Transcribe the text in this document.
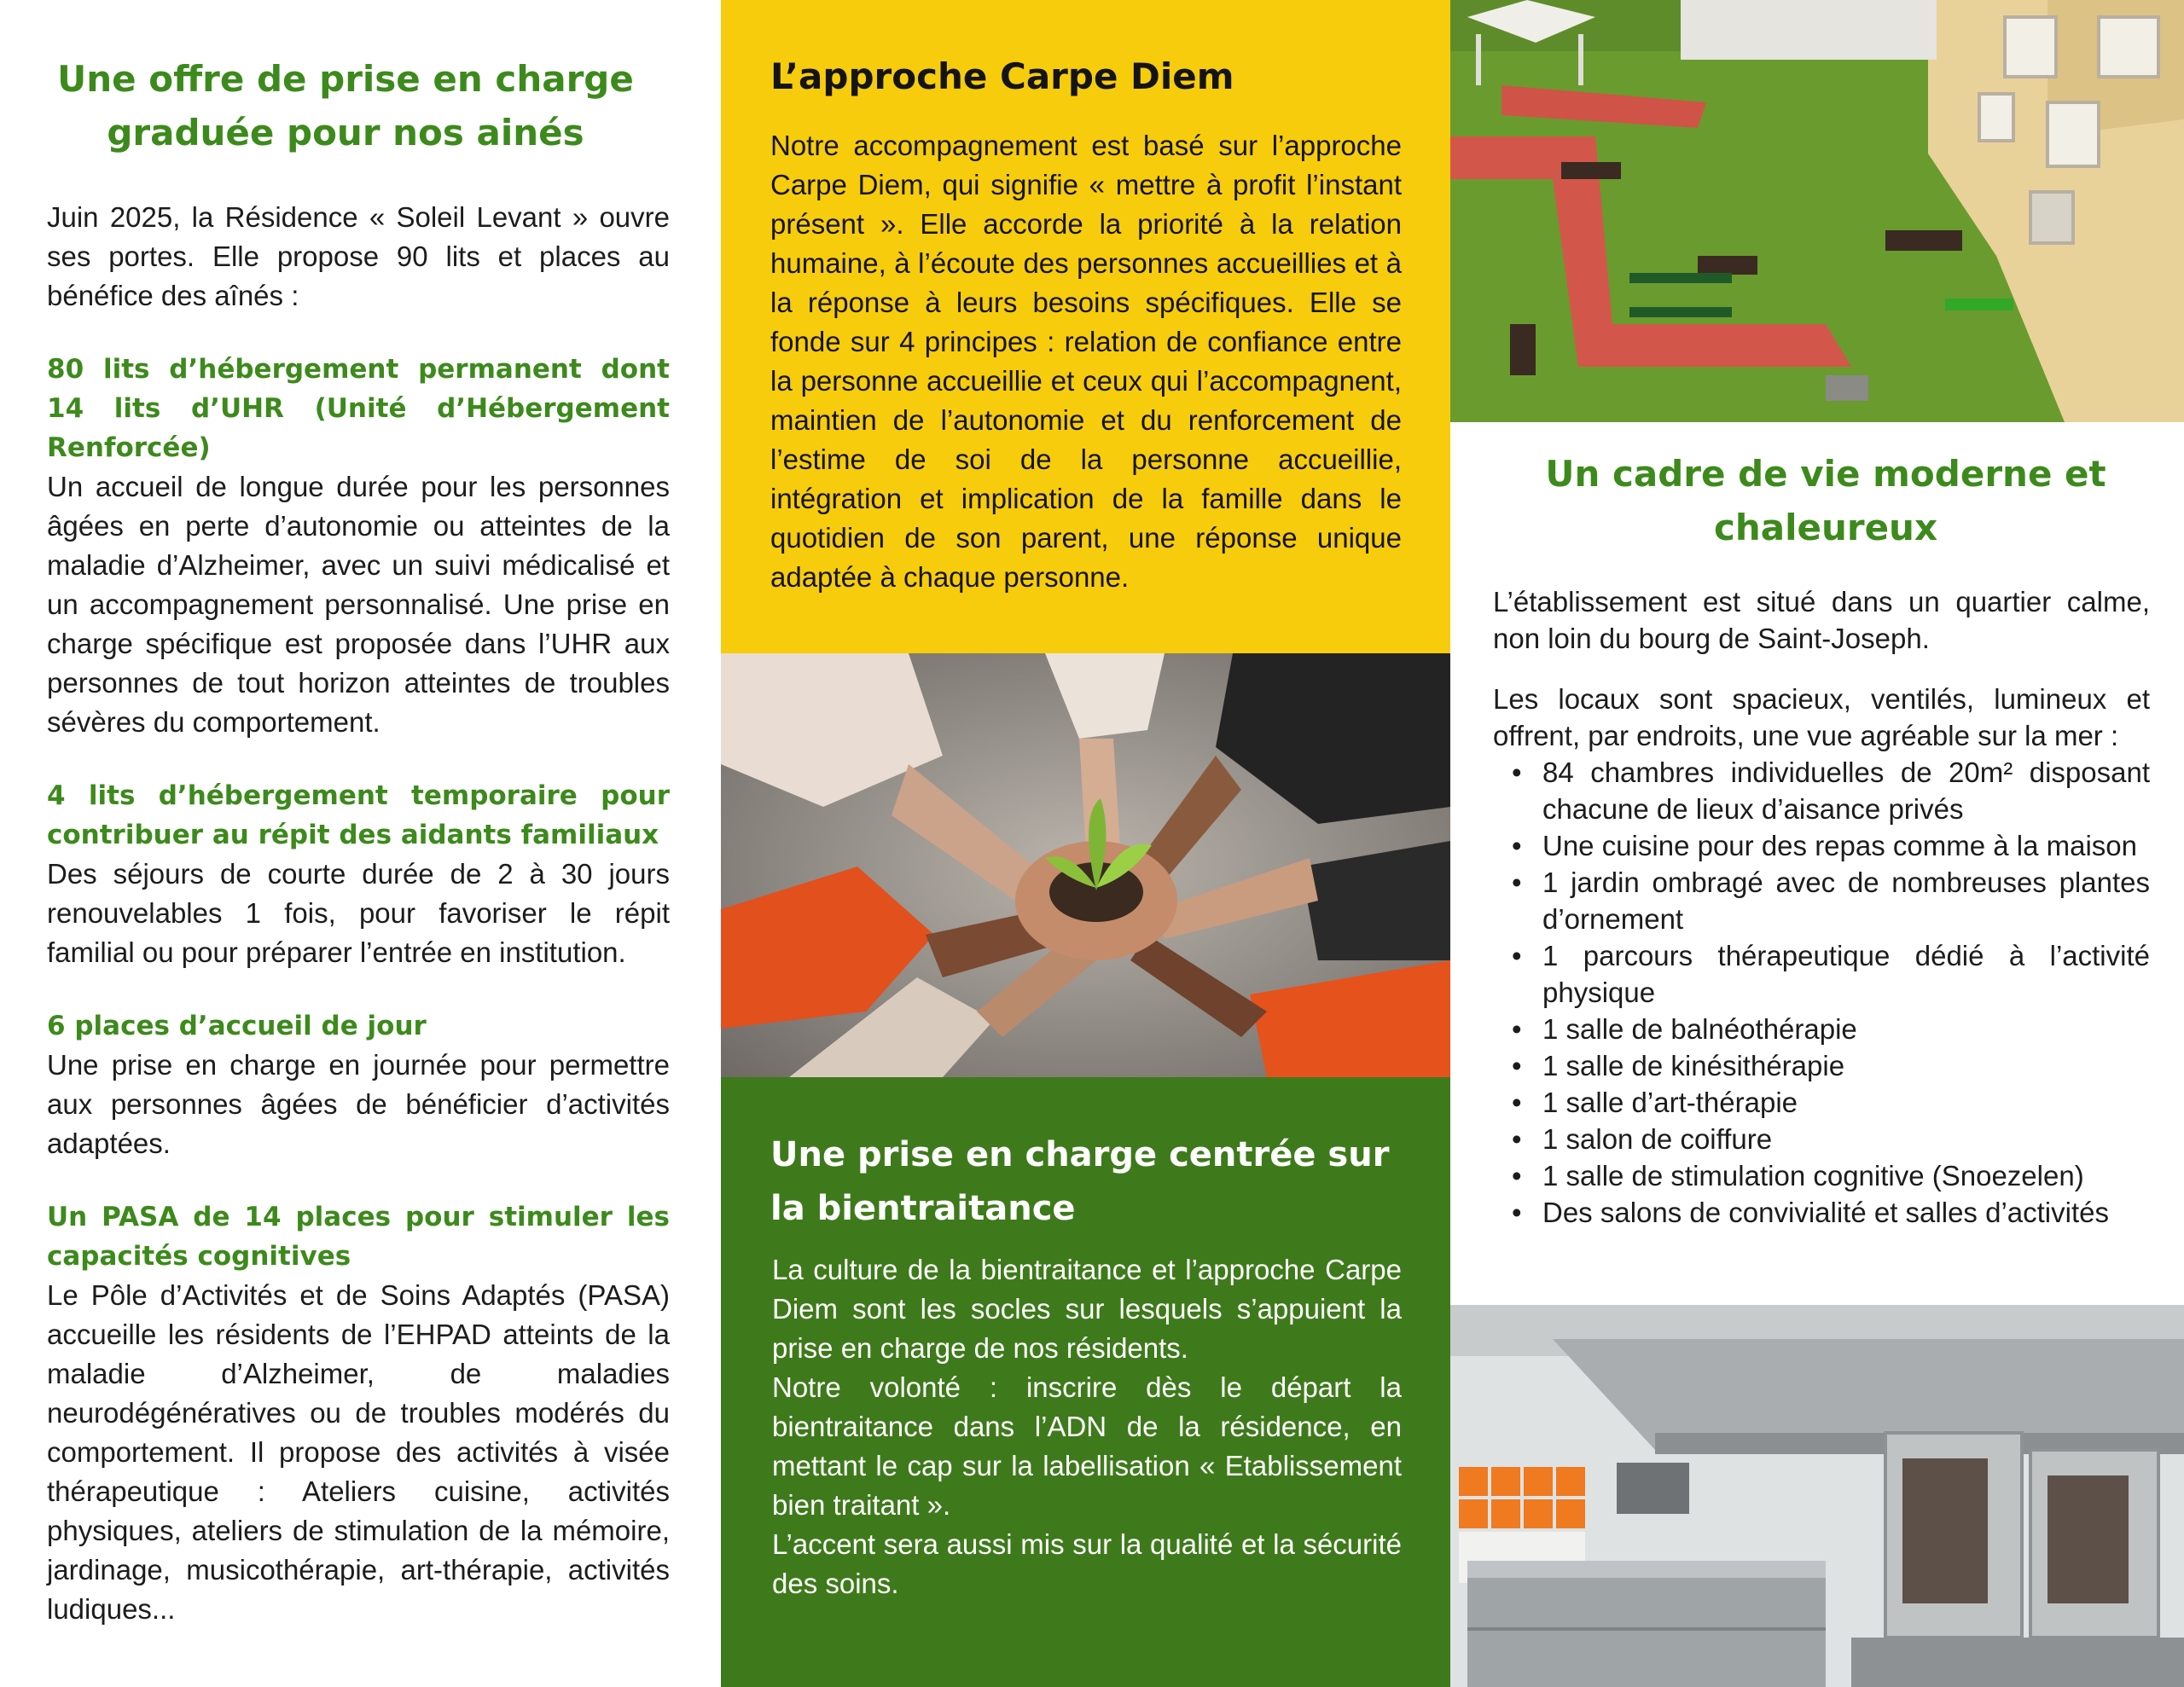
Une offre de prise en charge graduée pour nos ainés

Juin 2025, la Résidence « Soleil Levant » ouvre ses portes. Elle propose 90 lits et places au bénéfice des aînés :

80 lits d’hébergement permanent dont 14 lits d’UHR (Unité d’Hébergement Renforcée)

Un accueil de longue durée pour les personnes âgées en perte d’autonomie ou atteintes de la maladie d’Alzheimer, avec un suivi médicalisé et un accompagnement personnalisé. Une prise en charge spécifique est proposée dans l’UHR aux personnes de tout horizon atteintes de troubles sévères du comportement.

4 lits d’hébergement temporaire pour contribuer au répit des aidants familiaux

Des séjours de courte durée de 2 à 30 jours renouvelables 1 fois, pour favoriser le répit familial ou pour préparer l’entrée en institution.

6 places d’accueil de jour

Une prise en charge en journée pour permettre aux personnes âgées de bénéficier d’activités adaptées.

Un PASA de 14 places pour stimuler les capacités cognitives

Le Pôle d’Activités et de Soins Adaptés (PASA) accueille les résidents de l’EHPAD atteints de la maladie d’Alzheimer, de maladies neurodégénératives ou de troubles modérés du comportement. Il propose des activités à visée thérapeutique : Ateliers cuisine, activités physiques, ateliers de stimulation de la mémoire, jardinage, musicothérapie, art-thérapie, activités ludiques...

L’approche Carpe Diem

Notre accompagnement est basé sur l’approche Carpe Diem, qui signifie « mettre à profit l’instant présent ». Elle accorde la priorité à la relation humaine, à l’écoute des personnes accueillies et à la réponse à leurs besoins spécifiques. Elle se fonde sur 4 principes : relation de confiance entre la personne accueillie et ceux qui l’accompagnent, maintien de l’autonomie et du renforcement de l’estime de soi de la personne accueillie, intégration et implication de la famille dans le quotidien de son parent, une réponse unique adaptée à chaque personne.

Une prise en charge centrée sur la bientraitance

La culture de la bientraitance et l’approche Carpe Diem sont les socles sur lesquels s’appuient la prise en charge de nos résidents.

Notre volonté : inscrire dès le départ la bientraitance dans l’ADN de la résidence, en mettant le cap sur la labellisation « Etablissement bien traitant ».

L’accent sera aussi mis sur la qualité et la sécurité des soins.

Un cadre de vie moderne et chaleureux

L’établissement est situé dans un quartier calme, non loin du bourg de Saint-Joseph.

Les locaux sont spacieux, ventilés, lumineux et offrent, par endroits, une vue agréable sur la mer :

• 84 chambres individuelles de 20m² disposant chacune de lieux d’aisance privés
• Une cuisine pour des repas comme à la maison
• 1 jardin ombragé avec de nombreuses plantes d’ornement
• 1 parcours thérapeutique dédié à l’activité physique
• 1 salle de balnéothérapie
• 1 salle de kinésithérapie
• 1 salle d’art-thérapie
• 1 salon de coiffure
• 1 salle de stimulation cognitive (Snoezelen)
• Des salons de convivialité et salles d’activités
